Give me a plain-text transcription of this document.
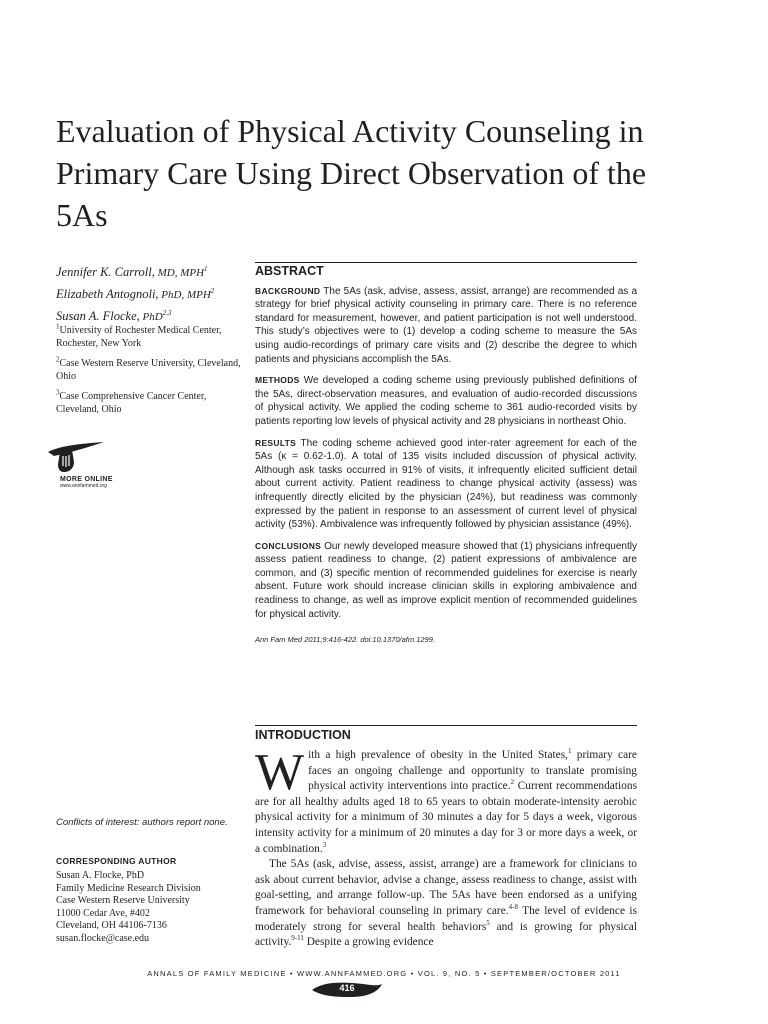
Evaluation of Physical Activity Counseling in Primary Care Using Direct Observation of the 5As
Jennifer K. Carroll, MD, MPH$^1$
Elizabeth Antognoli, PhD, MPH$^2$
Susan A. Flocke, PhD$^{2,3}$
$^1$University of Rochester Medical Center, Rochester, New York
$^2$Case Western Reserve University, Cleveland, Ohio
$^3$Case Comprehensive Cancer Center, Cleveland, Ohio
MORE ONLINE
www.annfammed.org
Conflicts of interest: authors report none.
CORRESPONDING AUTHOR
Susan A. Flocke, PhD
Family Medicine Research Division
Case Western Reserve University
11000 Cedar Ave, #402
Cleveland, OH 44106-7136
susan.flocke@case.edu
ABSTRACT

BACKGROUND The 5As (ask, advise, assess, assist, arrange) are recommended as a strategy for brief physical activity counseling in primary care. There is no reference standard for measurement, however, and patient participation is not well understood. This study’s objectives were to (1) develop a coding scheme to measure the 5As using audio-recordings of primary care visits and (2) describe the degree to which patients and physicians accomplish the 5As.

METHODS We developed a coding scheme using previously published definitions of the 5As, direct-observation measures, and evaluation of audio-recorded discussions of physical activity. We applied the coding scheme to 361 audio-recorded visits by patients reporting low levels of physical activity and 28 physicians in northeast Ohio.

RESULTS The coding scheme achieved good inter-rater agreement for each of the 5As (κ = 0.62-1.0). A total of 135 visits included discussion of physical activity. Although ask tasks occurred in 91% of visits, it infrequently elicited sufficient detail about current activity. Patient readiness to change physical activity (assess) was infrequently directly elicited by the physician (24%), but readiness was commonly expressed by the patient in response to an assessment of current level of physical activity (53%). Ambivalence was infrequently followed by physician assistance (49%).

CONCLUSIONS Our newly developed measure showed that (1) physicians infrequently assess patient readiness to change, (2) patient expressions of ambivalence are common, and (3) specific mention of recommended guidelines for exercise is nearly absent. Future work should increase clinician skills in exploring ambivalence and readiness to change, as well as improve explicit mention of recommended guidelines for physical activity.

Ann Fam Med 2011;9:416-422. doi:10.1370/afm.1299.
INTRODUCTION

With a high prevalence of obesity in the United States,$^1$ primary care faces an ongoing challenge and opportunity to translate promising physical activity interventions into practice.$^2$ Current recommendations are for all healthy adults aged 18 to 65 years to obtain moderate-intensity aerobic physical activity for a minimum of 30 minutes a day for 5 days a week, vigorous intensity activity for a minimum of 20 minutes a day for 3 or more days a week, or a combination.$^3$

The 5As (ask, advise, assess, assist, arrange) are a framework for clinicians to ask about current behavior, advise a change, assess readiness to change, assist with goal-setting, and arrange follow-up. The 5As have been endorsed as a unifying framework for behavioral counseling in primary care.$^{4-8}$ The level of evidence is moderately strong for several health behaviors$^5$ and is growing for physical activity.$^{9-11}$ Despite a growing evidence

ANNALS OF FAMILY MEDICINE • WWW.ANNFAMMED.ORG • VOL. 9, NO. 5 • SEPTEMBER/OCTOBER 2011
416
